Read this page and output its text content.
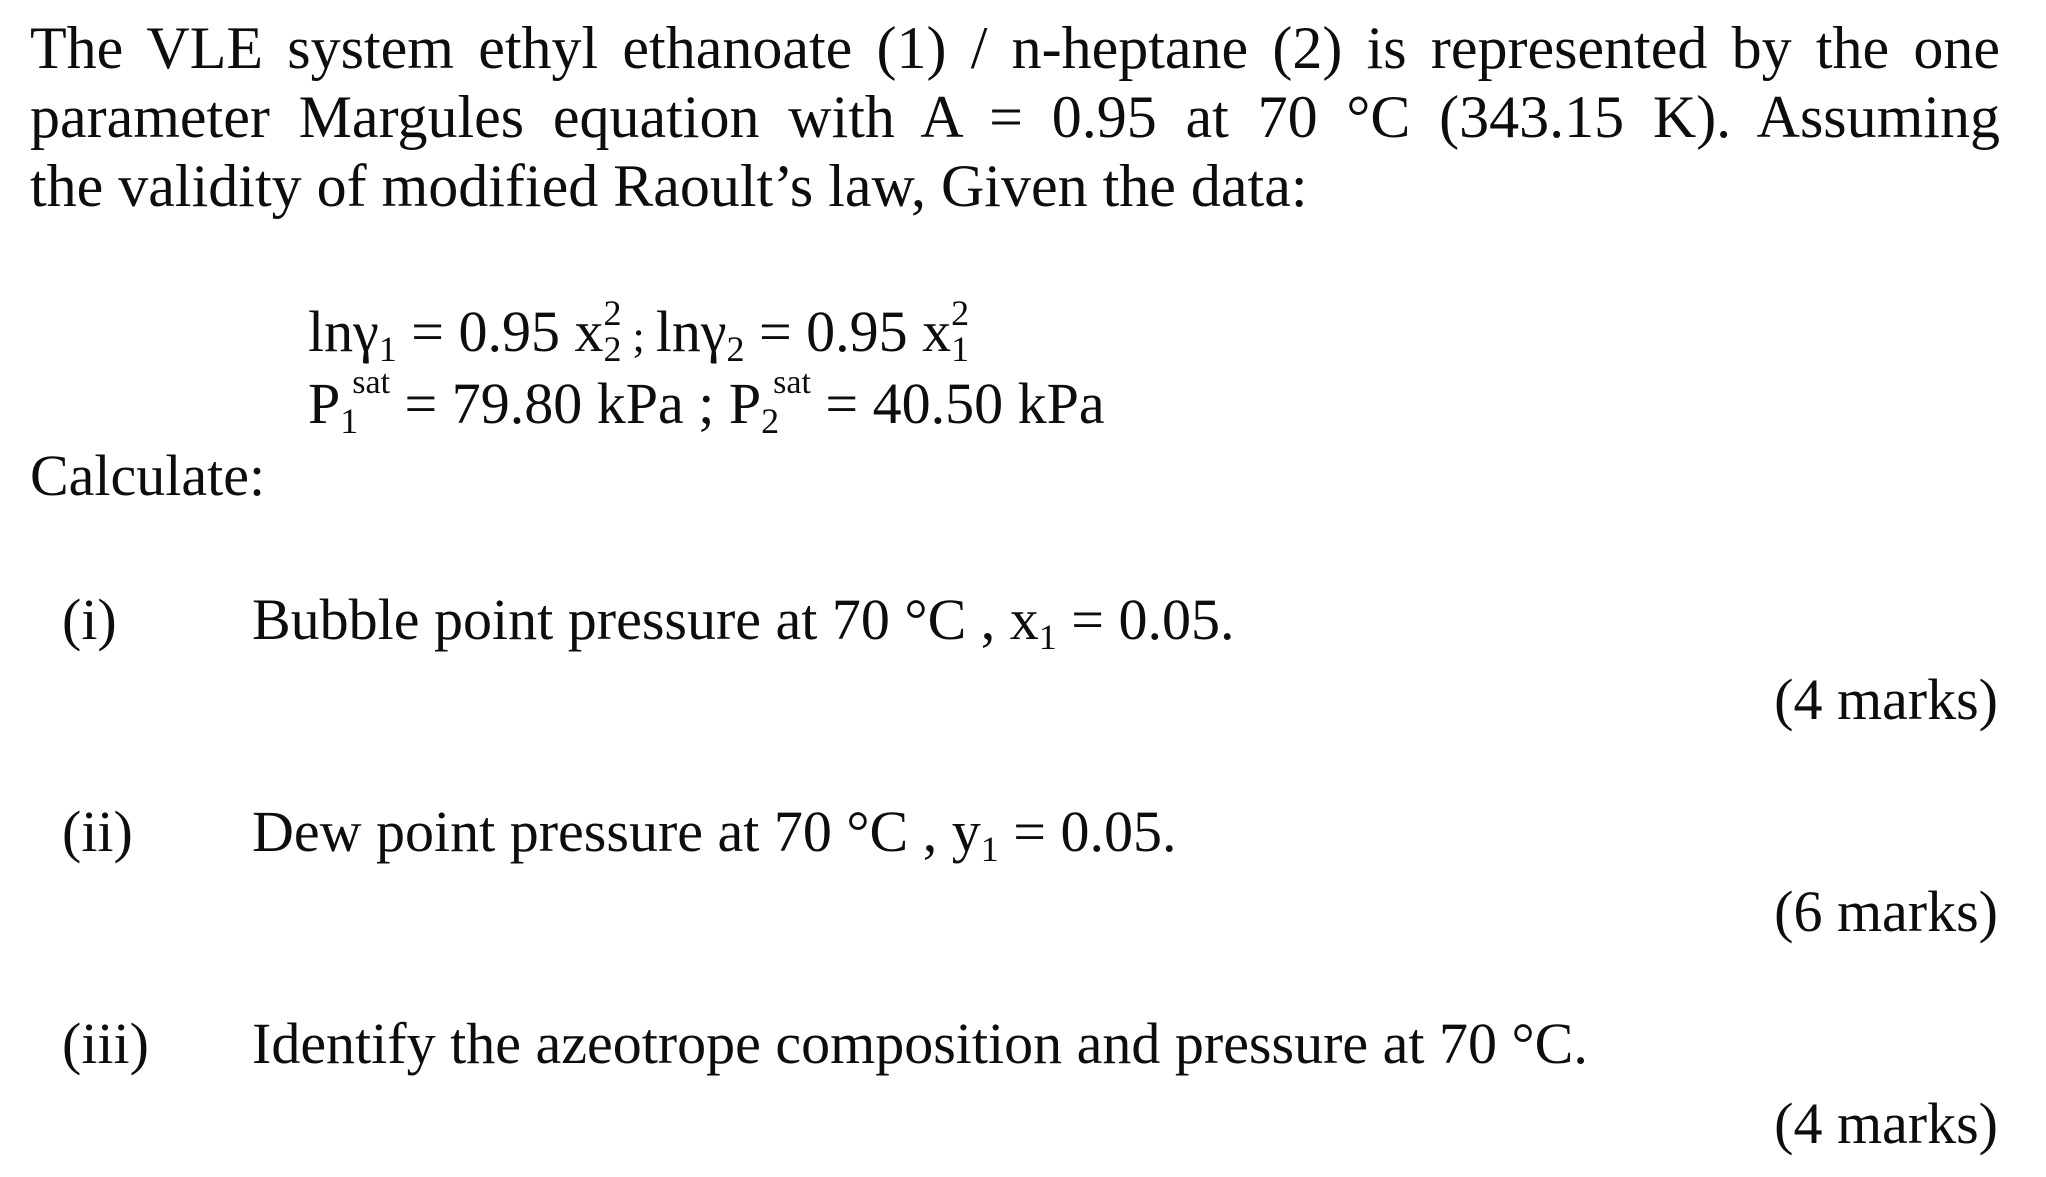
The VLE system ethyl ethanoate (1) / n-heptane (2) is represented by the one
parameter Margules equation with A = 0.95 at 70 °C (343.15 K). Assuming
the validity of modified Raoult’s law, Given the data:
lnγ$_1$ = 0.95 $x^2_2$ ; lnγ$_2$ = 0.95 $x^2_1$
$P_1^{sat} = 79.80$ kPa ; $P_2^{sat} = 40.50$ kPa
Calculate:
(i) Bubble point pressure at 70 °C , $x_1 = 0.05$.
(4 marks)
(ii) Dew point pressure at 70 °C , $y_1 = 0.05$.
(6 marks)
(iii) Identify the azeotrope composition and pressure at 70 °C.
(4 marks)
